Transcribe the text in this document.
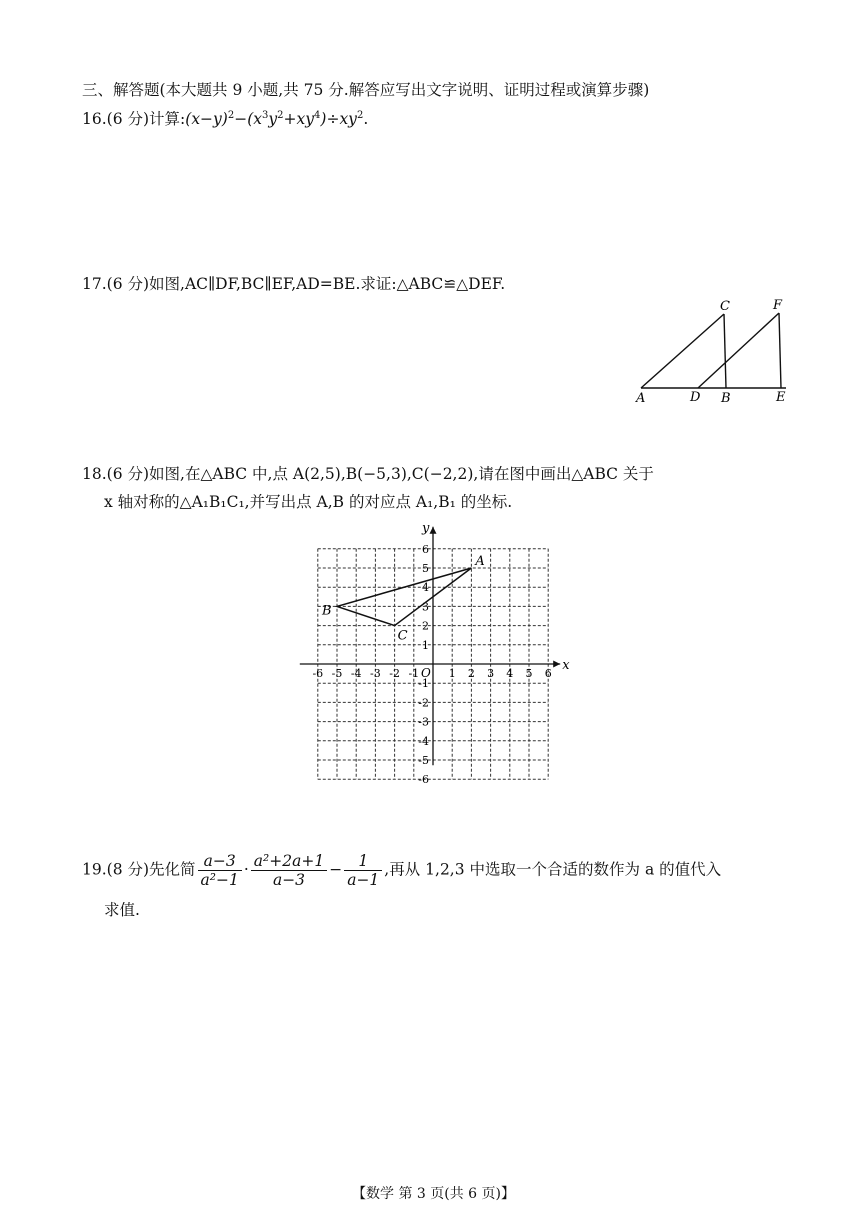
三、解答题(本大题共 9 小题,共 75 分.解答应写出文字说明、证明过程或演算步骤)
16.(6 分)计算$:(x-y)^2-(x^3y^2+xy^4)\div xy^2$.
17.(6 分)如图,AC∥DF,BC∥EF,AD=BE.求证:△ABC≌△DEF.
A	D B	E
C	F
18.(6 分)如图,在△ABC 中,点 A(2,5),B(−5,3),C(−2,2),请在图中画出△ABC 关于
x 轴对称的△A₁B₁C₁,并写出点 A,B 的对应点 A₁,B₁ 的坐标.
x
y
O
-6 -5 -4 -3 -2 -1	1 2 3 4 5 6
6
5
4
3
2
1
-1
-2
-3
-4
-5
-6
A
B
C
19.(8 分)先化简 $\frac{a-3}{\text{a²−1}} \cdot \frac{\text{a²+2a+1}}{a-3} - \frac{1}{a-1}$ ,再从 1,2,3 中选取一个合适的数作为 a 的值代入
求值.
【数学 第 3 页(共 6 页)】
